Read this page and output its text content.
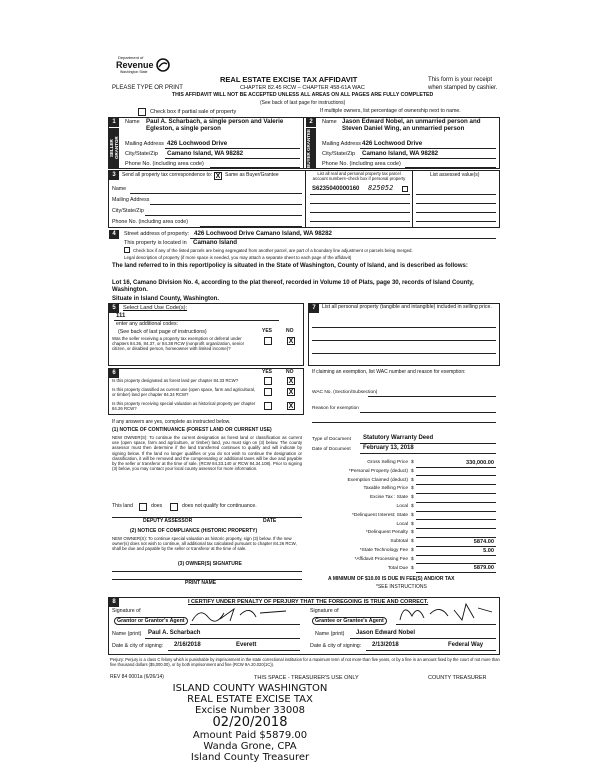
Department of
Revenue
Washington State
REAL ESTATE EXCISE TAX AFFIDAVIT
CHAPTER 82.45 RCW – CHAPTER 458-61A WAC
PLEASE TYPE OR PRINT
This form is your receipt
when stamped by cashier.
THIS AFFIDAVIT WILL NOT BE ACCEPTED UNLESS ALL AREAS ON ALL PAGES ARE FULLY COMPLETED
(See back of last page for instructions)
Check box if partial sale of property	If multiple owners, list percentage of ownership next to name.
1
SELLER GRANTOR
Name Paul A. Scharbach, a single person and Valerie Egleston, a single person
Mailing Address 426 Lochwood Drive
City/State/Zip Camano Island, WA 98282
Phone No. (including area code)
2
BUYER GRANTEE
Name Jason Edward Nobel, an unmarried person and Steven Daniel Wing, an unmarried person
Mailing Address 426 Lochwood Drive
City/State/Zip Camano Island, WA 98282
Phone No. (including area code)
3	Send all property tax correspondence to: X Same as Buyer/Grantee
Name
Mailing Address
City/State/Zip
Phone No. (including area code)
List all real and personal property tax parcel account numbers–check box if personal property
S6235040000160 825052
List assessed value(s)
4	Street address of property: 426 Lochwood Drive Camano Island, WA 98282
This property is located in Camano Island
Check box if any of the listed parcels are being segregated from another parcel, are part of a boundary line adjustment or parcels being merged.
Legal description of property (if more space is needed, you may attach a separate sheet to each page of the affidavit)
The land referred to in this report/policy is situated in the State of Washington, County of Island, and is described as follows:
Lot 16, Camano Division No. 4, according to the plat thereof, recorded in Volume 10 of Plats, page 30, records of Island County, Washington.
Situate in Island County, Washington.
5	Select Land Use Code(s):
111
enter any additional codes:
(See back of last page of instructions)	YES	NO
Was the seller receiving a property tax exemption or deferral under chapters 84.36, 84.37, or 84.38 RCW (nonprofit organization, senior citizen, or disabled person, homeowner with limited income)?
X
7	List all personal property (tangible and intangible) included in selling price.
6	YES	NO
Is this property designated as forest land per chapter 84.33 RCW?	X
Is this property classified as current use (open space, farm and agricultural, or timber) land per chapter 84.34 RCW?	X
Is this property receiving special valuation as historical property per chapter 84.26 RCW?	X
If any answers are yes, complete as instructed below.
(1) NOTICE OF CONTINUANCE (FOREST LAND OR CURRENT USE)
NEW OWNER(S): To continue the current designation as forest land or classification as current use (open space, farm and agriculture, or timber) land, you must sign on (3) below. The county assessor must then determine if the land transferred continues to qualify and will indicate by signing below. If the land no longer qualifies or you do not wish to continue the designation or classification, it will be removed and the compensating or additional taxes will be due and payable by the seller or transferor at the time of sale. (RCW 84.33.140 or RCW 84.34.108). Prior to signing (3) below, you may contact your local county assessor for more information.
This land	does	does not qualify for continuance.
DEPUTY ASSESSOR	DATE
(2) NOTICE OF COMPLIANCE (HISTORIC PROPERTY)
NEW OWNER(S): To continue special valuation as historic property, sign (3) below. If the new owner(s) does not wish to continue, all additional tax calculated pursuant to chapter 84.26 RCW, shall be due and payable by the seller or transferor at the time of sale.
(3) OWNER(S) SIGNATURE
PRINT NAME
If claiming an exemption, list WAC number and reason for exemption:
WAC No. (Section/Subsection)
Reason for exemption
Type of Document Statutory Warranty Deed
Date of Document February 13, 2018
Gross Selling Price $	330,000.00
*Personal Property (deduct) $
Exemption Claimed (deduct) $
Taxable Selling Price $
Excise Tax : State $
Local $
*Delinquent Interest: State $
Local $
*Delinquent Penalty $
Subtotal $	5874.00
*State Technology Fee $	5.00
*Affidavit Processing Fee $
Total Due $	5879.00
A MINIMUM OF $10.00 IS DUE IN FEE(S) AND/OR TAX
*SEE INSTRUCTIONS
8	I CERTIFY UNDER PENALTY OF PERJURY THAT THE FOREGOING IS TRUE AND CORRECT.
Signature of
Grantor or Grantor's Agent
Name (print) Paul A. Scharbach
Date & city of signing: 2/16/2018	Everett
Signature of
Grantee or Grantee's Agent
Name (print) Jason Edward Nobel
Date & city of signing: 2/13/2018	Federal Way
Perjury: Perjury is a class C felony which is punishable by imprisonment in the state correctional institution for a maximum term of not more than five years, or by a fine in an amount fixed by the court of not more than five thousand dollars ($5,000.00), or by both imprisonment and fine (RCW 9A.20.020(1C)).
REV 84 0001a (6/26/14)	THIS SPACE - TREASURER'S USE ONLY	COUNTY TREASURER
ISLAND COUNTY WASHINGTON
REAL ESTATE EXCISE TAX
Excise Number 33008
02/20/2018
Amount Paid $5879.00
Wanda Grone, CPA
Island County Treasurer
